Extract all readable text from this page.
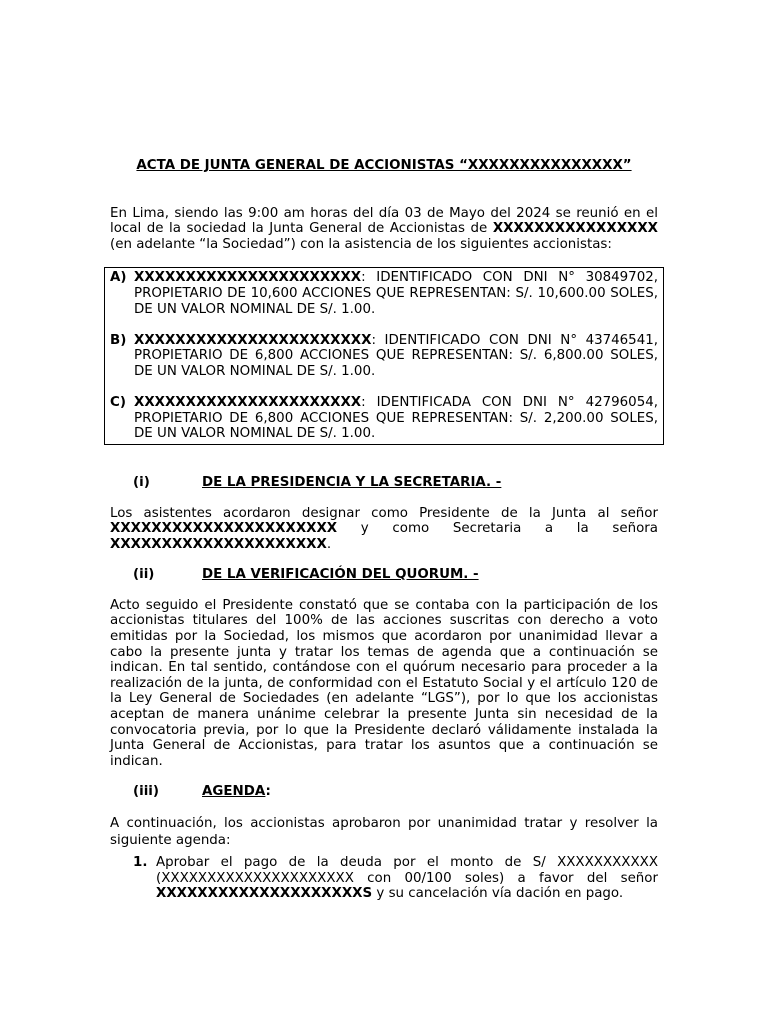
ACTA DE JUNTA GENERAL DE ACCIONISTAS “XXXXXXXXXXXXXXX”

En Lima, siendo las 9:00 am horas del día 03 de Mayo del 2024 se reunió en el local de la sociedad la Junta General de Accionistas de XXXXXXXXXXXXXXXX (en adelante “la Sociedad”) con la asistencia de los siguientes accionistas:

A) XXXXXXXXXXXXXXXXXXXXXX: IDENTIFICADO CON DNI N° 30849702, PROPIETARIO DE 10,600 ACCIONES QUE REPRESENTAN: S/. 10,600.00 SOLES, DE UN VALOR NOMINAL DE S/. 1.00.
B) XXXXXXXXXXXXXXXXXXXXXXX: IDENTIFICADO CON DNI N° 43746541, PROPIETARIO DE 6,800 ACCIONES QUE REPRESENTAN: S/. 6,800.00 SOLES, DE UN VALOR NOMINAL DE S/. 1.00.
C) XXXXXXXXXXXXXXXXXXXXXX: IDENTIFICADA CON DNI N° 42796054, PROPIETARIO DE 6,800 ACCIONES QUE REPRESENTAN: S/. 2,200.00 SOLES, DE UN VALOR NOMINAL DE S/. 1.00.
(i)	DE LA PRESIDENCIA Y LA SECRETARIA. -

Los asistentes acordaron designar como Presidente de la Junta al señor XXXXXXXXXXXXXXXXXXXXXX y como Secretaria a la señora XXXXXXXXXXXXXXXXXXXXX.

(ii)	DE LA VERIFICACIÓN DEL QUORUM. -

Acto seguido el Presidente constató que se contaba con la participación de los accionistas titulares del 100% de las acciones suscritas con derecho a voto emitidas por la Sociedad, los mismos que acordaron por unanimidad llevar a cabo la presente junta y tratar los temas de agenda que a continuación se indican. En tal sentido, contándose con el quórum necesario para proceder a la realización de la junta, de conformidad con el Estatuto Social y el artículo 120 de la Ley General de Sociedades (en adelante “LGS”), por lo que los accionistas aceptan de manera unánime celebrar la presente Junta sin necesidad de la convocatoria previa, por lo que la Presidente declaró válidamente instalada la Junta General de Accionistas, para tratar los asuntos que a continuación se indican.

(iii)	AGENDA:

A continuación, los accionistas aprobaron por unanimidad tratar y resolver la siguiente agenda:

1. Aprobar el pago de la deuda por el monto de S/ XXXXXXXXXXX (XXXXXXXXXXXXXXXXXXXXX con 00/100 soles) a favor del señor XXXXXXXXXXXXXXXXXXXXS y su cancelación vía dación en pago.
